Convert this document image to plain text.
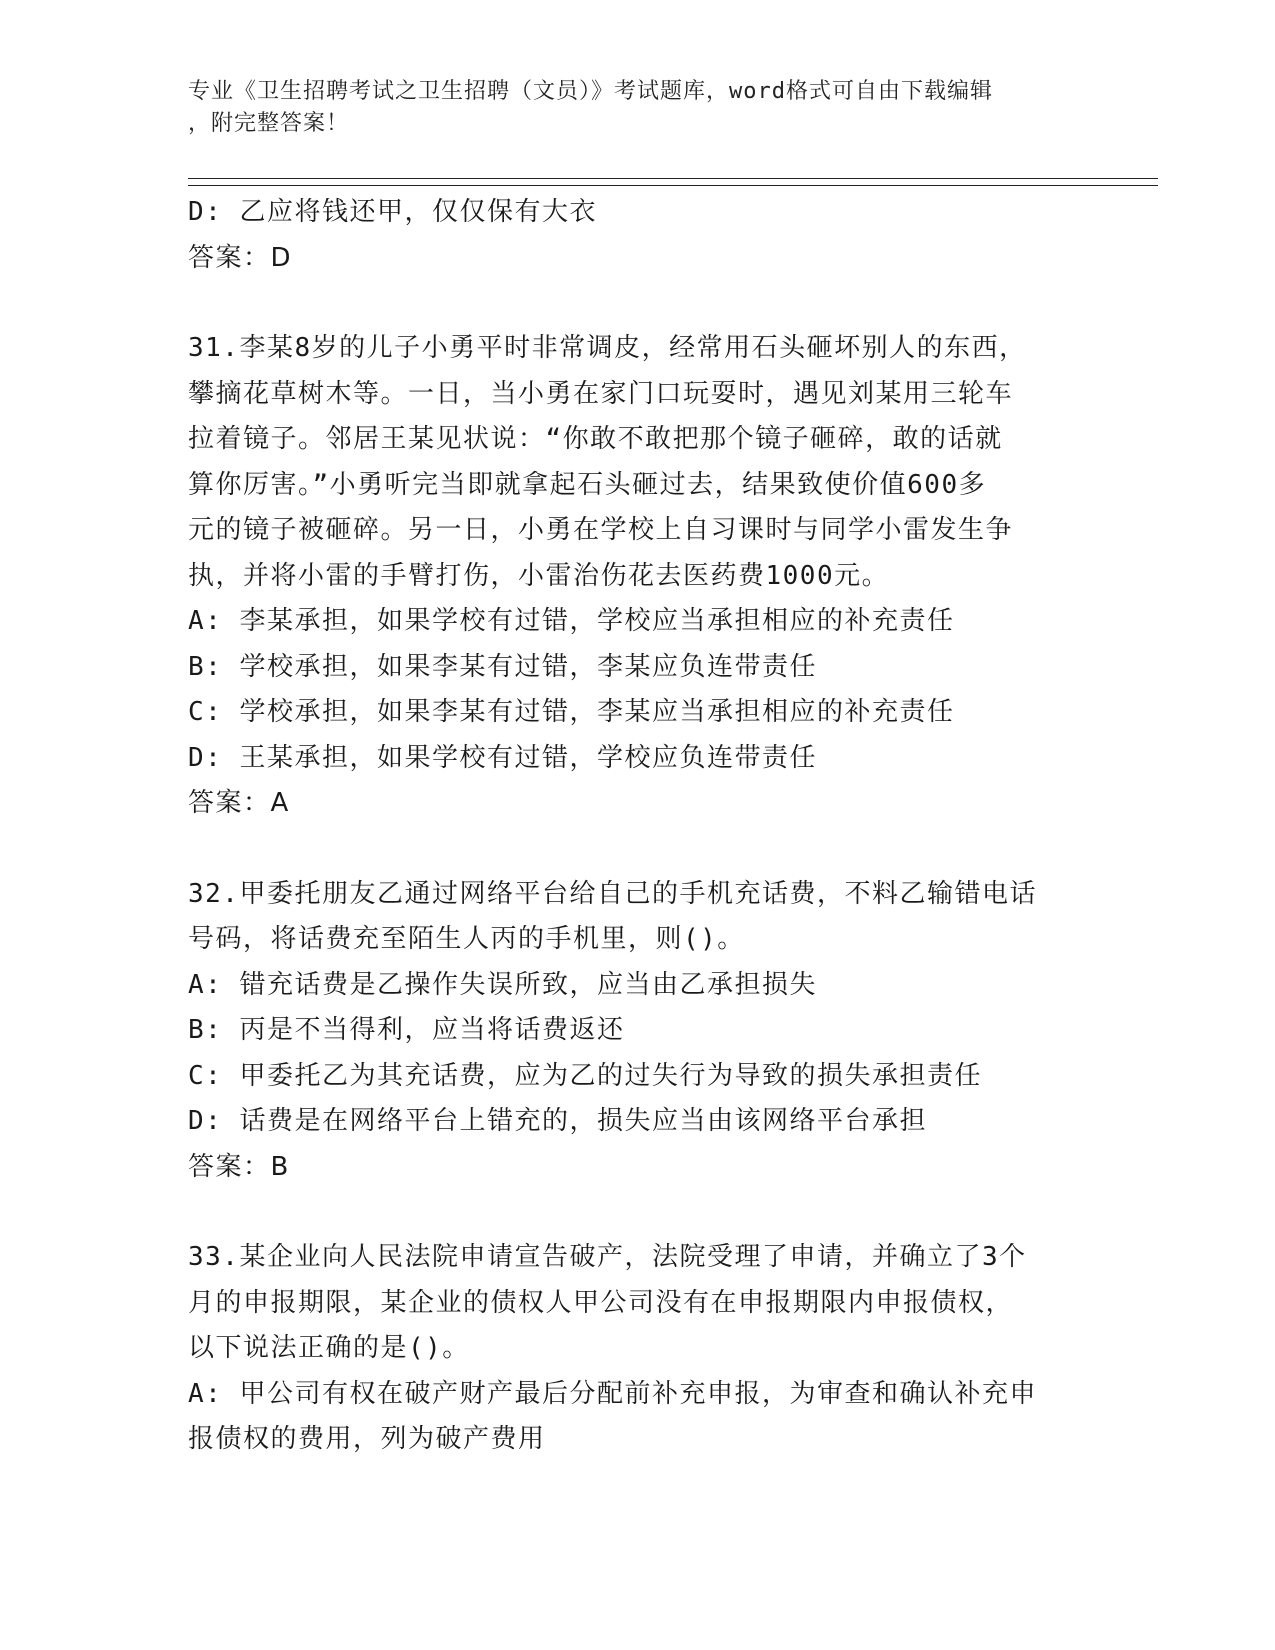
专业《卫生招聘考试之卫生招聘（文员）》考试题库，word格式可自由下载编辑
，附完整答案！
D: 乙应将钱还甲，仅仅保有大衣
答案：D
31.李某8岁的儿子小勇平时非常调皮，经常用石头砸坏别人的东西，
攀摘花草树木等。一日，当小勇在家门口玩耍时，遇见刘某用三轮车
拉着镜子。邻居王某见状说：“你敢不敢把那个镜子砸碎，敢的话就
算你厉害。”小勇听完当即就拿起石头砸过去，结果致使价值600多
元的镜子被砸碎。另一日，小勇在学校上自习课时与同学小雷发生争
执，并将小雷的手臂打伤，小雷治伤花去医药费1000元。
A: 李某承担，如果学校有过错，学校应当承担相应的补充责任
B: 学校承担，如果李某有过错，李某应负连带责任
C: 学校承担，如果李某有过错，李某应当承担相应的补充责任
D: 王某承担，如果学校有过错，学校应负连带责任
答案：A
32.甲委托朋友乙通过网络平台给自己的手机充话费，不料乙输错电话
号码，将话费充至陌生人丙的手机里，则()。
A: 错充话费是乙操作失误所致，应当由乙承担损失
B: 丙是不当得利，应当将话费返还
C: 甲委托乙为其充话费，应为乙的过失行为导致的损失承担责任
D: 话费是在网络平台上错充的，损失应当由该网络平台承担
答案：B
33.某企业向人民法院申请宣告破产，法院受理了申请，并确立了3个
月的申报期限，某企业的债权人甲公司没有在申报期限内申报债权，
以下说法正确的是()。
A: 甲公司有权在破产财产最后分配前补充申报，为审查和确认补充申
报债权的费用，列为破产费用
